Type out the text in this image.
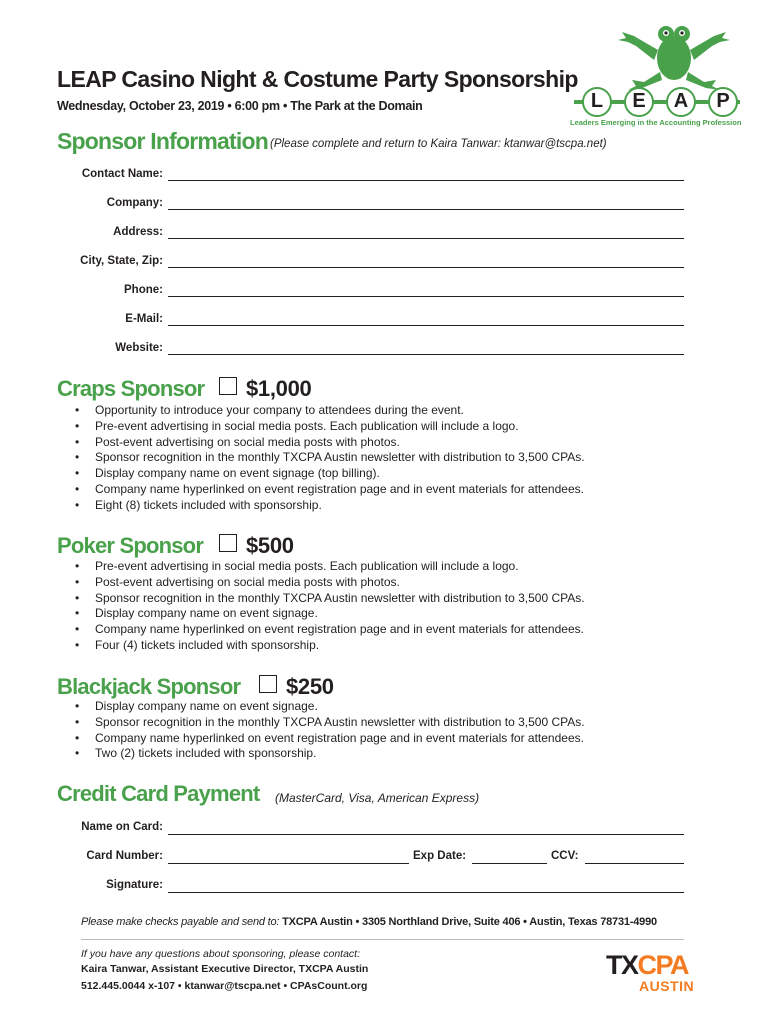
LEAP Casino Night & Costume Party Sponsorship
Wednesday, October 23, 2019 • 6:00 pm • The Park at the Domain	L	E	A	P
Leaders Emerging in the Accounting Profession
Sponsor Information (Please complete and return to Kaira Tanwar: ktanwar@tscpa.net)
Contact Name:
Company:
Address:
City, State, Zip:
Phone:
E-Mail:
Website:
Craps Sponsor $1,000
• Opportunity to introduce your company to attendees during the event.
• Pre-event advertising in social media posts. Each publication will include a logo.
• Post-event advertising on social media posts with photos.
• Sponsor recognition in the monthly TXCPA Austin newsletter with distribution to 3,500 CPAs.
• Display company name on event signage (top billing).
• Company name hyperlinked on event registration page and in event materials for attendees.
• Eight (8) tickets included with sponsorship.
Poker Sponsor $500
• Pre-event advertising in social media posts. Each publication will include a logo.
• Post-event advertising on social media posts with photos.
• Sponsor recognition in the monthly TXCPA Austin newsletter with distribution to 3,500 CPAs.
• Display company name on event signage.
• Company name hyperlinked on event registration page and in event materials for attendees.
• Four (4) tickets included with sponsorship.
Blackjack Sponsor $250
• Display company name on event signage.
• Sponsor recognition in the monthly TXCPA Austin newsletter with distribution to 3,500 CPAs.
• Company name hyperlinked on event registration page and in event materials for attendees.
• Two (2) tickets included with sponsorship.
Credit Card Payment (MasterCard, Visa, American Express)
Name on Card:
Card Number:	Exp Date:	CCV:
Signature:
Please make checks payable and send to: TXCPA Austin • 3305 Northland Drive, Suite 406 • Austin, Texas 78731-4990
If you have any questions about sponsoring, please contact:
Kaira Tanwar, Assistant Executive Director, TXCPA Austin
512.445.0044 x-107 • ktanwar@tscpa.net • CPAsCount.org
TXCPA
AUSTIN
